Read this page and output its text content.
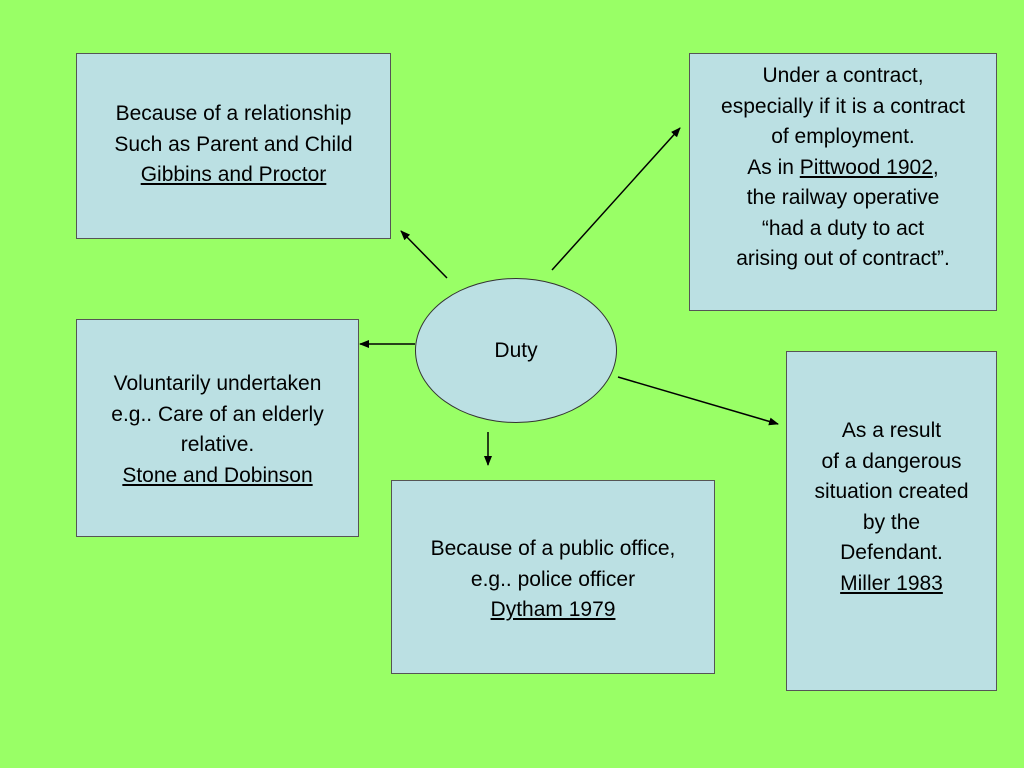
Duty
Because of a relationship
Such as Parent and Child
Gibbins and Proctor
Under a contract,
especially if it is a contract
of employment.
As in Pittwood 1902,
the railway operative
“had a duty to act
arising out of contract”.
Voluntarily undertaken
e.g.. Care of an elderly
relative.
Stone and Dobinson
As a result
of a dangerous
situation created
by the
Defendant.
Miller 1983
Because of a public office,
e.g.. police officer
Dytham 1979
